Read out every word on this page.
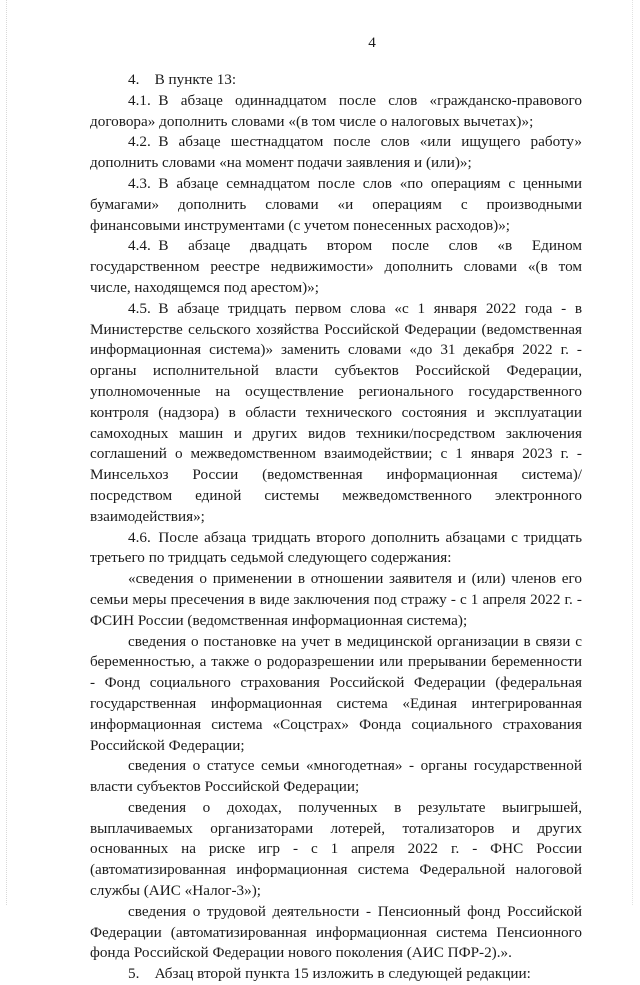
4

4. В пункте 13:

4.1. В абзаце одиннадцатом после слов «гражданско-правового договора» дополнить словами «(в том числе о налоговых вычетах)»;

4.2. В абзаце шестнадцатом после слов «или ищущего работу» дополнить словами «на момент подачи заявления и (или)»;

4.3. В абзаце семнадцатом после слов «по операциям с ценными бумагами» дополнить словами «и операциям с производными финансовыми инструментами (с учетом понесенных расходов)»;

4.4. В абзаце двадцать втором после слов «в Едином государственном реестре недвижимости» дополнить словами «(в том числе, находящемся под арестом)»;

4.5. В абзаце тридцать первом слова «с 1 января 2022 года - в Министерстве сельского хозяйства Российской Федерации (ведомственная информационная система)» заменить словами «до 31 декабря 2022 г. - органы исполнительной власти субъектов Российской Федерации, уполномоченные на осуществление регионального государственного контроля (надзора) в области технического состояния и эксплуатации самоходных машин и других видов техники/посредством заключения соглашений о межведомственном взаимодействии; с 1 января 2023 г. - Минсельхоз России (ведомственная информационная система)/посредством единой системы межведомственного электронного взаимодействия»;

4.6. После абзаца тридцать второго дополнить абзацами с тридцать третьего по тридцать седьмой следующего содержания:

«сведения о применении в отношении заявителя и (или) членов его семьи меры пресечения в виде заключения под стражу - с 1 апреля 2022 г. - ФСИН России (ведомственная информационная система);

сведения о постановке на учет в медицинской организации в связи с беременностью, а также о родоразрешении или прерывании беременности - Фонд социального страхования Российской Федерации (федеральная государственная информационная система «Единая интегрированная информационная система «Соцстрах» Фонда социального страхования Российской Федерации;

сведения о статусе семьи «многодетная» - органы государственной власти субъектов Российской Федерации;

сведения о доходах, полученных в результате выигрышей, выплачиваемых организаторами лотерей, тотализаторов и других основанных на риске игр - с 1 апреля 2022 г. - ФНС России (автоматизированная информационная система Федеральной налоговой службы (АИС «Налог-3»);

сведения о трудовой деятельности - Пенсионный фонд Российской Федерации (автоматизированная информационная система Пенсионного фонда Российской Федерации нового поколения (АИС ПФР-2).».

5. Абзац второй пункта 15 изложить в следующей редакции:
